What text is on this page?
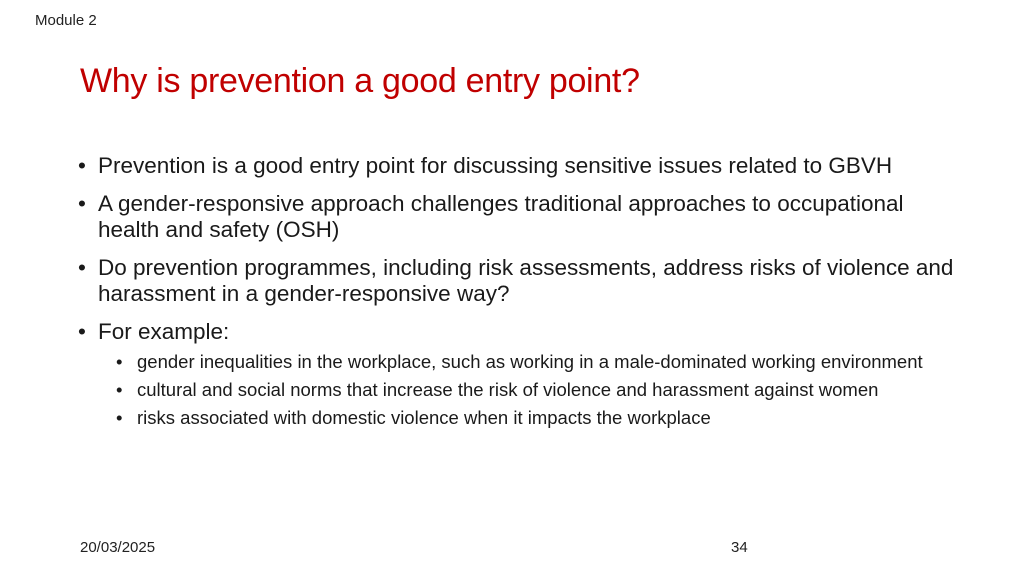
Module 2
Why is prevention a good entry point?
• Prevention is a good entry point for discussing sensitive issues related to GBVH
• A gender-responsive approach challenges traditional approaches to occupational health and safety (OSH)
• Do prevention programmes, including risk assessments, address risks of violence and harassment in a gender-responsive way?
• For example:
• gender inequalities in the workplace, such as working in a male-dominated working environment
• cultural and social norms that increase the risk of violence and harassment against women
• risks associated with domestic violence when it impacts the workplace
20/03/2025	34
